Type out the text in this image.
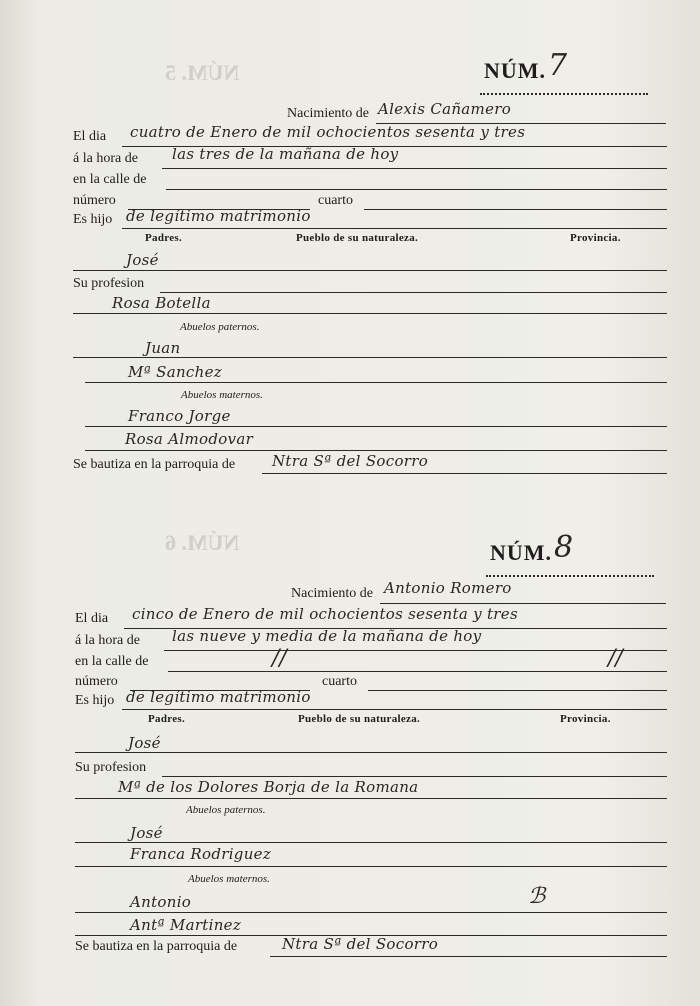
NÚM. 5
NÚM. 6
NÚM. 7
Nacimiento de Alexis Cañamero
El dia cuatro de Enero de mil ochocientos sesenta y tres
á la hora de las tres de la mañana de hoy
en la calle de
número	cuarto
Es hijo de legítimo matrimonio
Padres.	Pueblo de su naturaleza.	Provincia.
José
Su profesion
Rosa Botella
Abuelos paternos.
Juan
Mª Sanchez
Abuelos maternos.
Franco Jorge
Rosa Almodovar
Se bautiza en la parroquia de Ntra Sª del Socorro
NÚM. 8
Nacimiento de Antonio Romero
El dia cinco de Enero de mil ochocientos sesenta y tres
á la hora de las nueve y media de la mañana de hoy
en la calle de	//	//
número	cuarto
Es hijo de legítimo matrimonio
Padres.	Pueblo de su naturaleza.	Provincia.
José
Su profesion
Mª de los Dolores Borja de la Romana
Abuelos paternos.
José
Franca Rodriguez
Abuelos maternos.
Antonio	ℬ
Antª Martinez
Se bautiza en la parroquia de	Ntra Sª del Socorro
